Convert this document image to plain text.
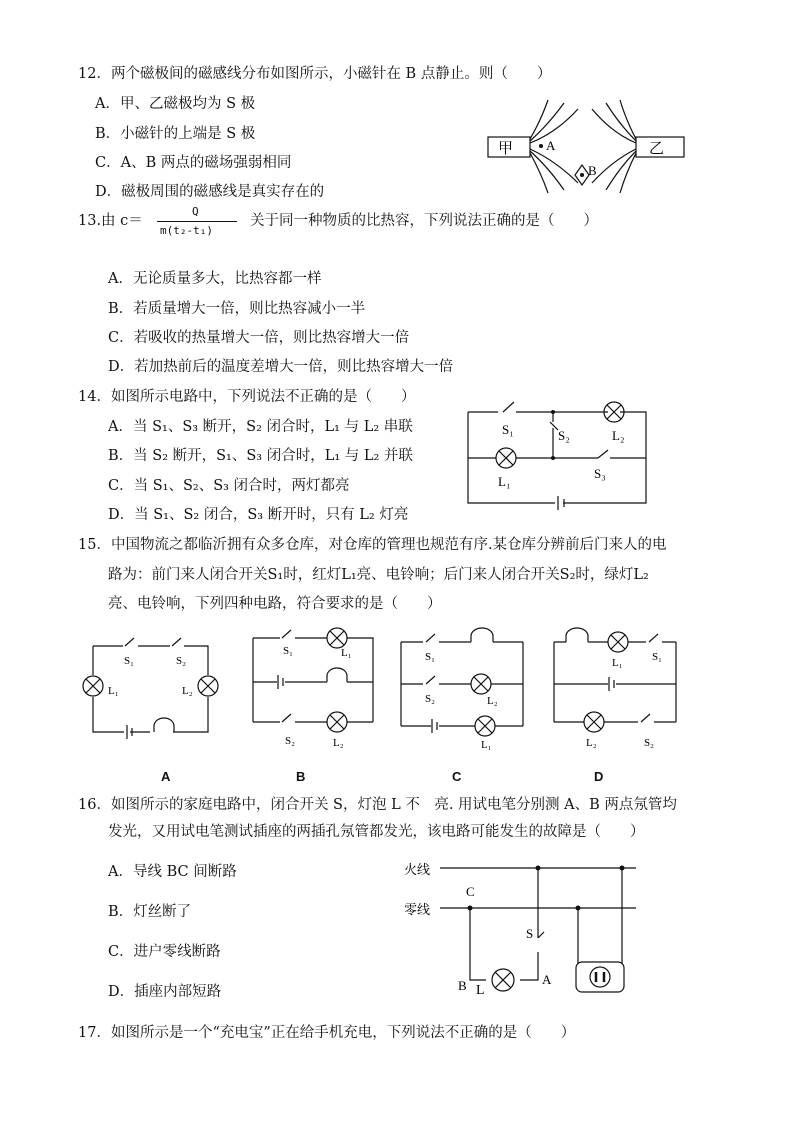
12．两个磁极间的磁感线分布如图所示，小磁针在 B 点静止。则（　　）
A．甲、乙磁极均为 S 极
B．小磁针的上端是 S 极
C．A、B 两点的磁场强弱相同
D．磁极周围的磁感线是真实存在的
甲	乙
A
B
13.由 c＝
Q
m(t₂-t₁)
关于同一种物质的比热容，下列说法正确的是（　　）
A．无论质量多大，比热容都一样
B．若质量增大一倍，则比热容减小一半
C．若吸收的热量增大一倍，则比热容增大一倍
D．若加热前后的温度差增大一倍，则比热容增大一倍
14．如图所示电路中，下列说法不正确的是（　　）
A．当 S₁、S₃ 断开，S₂ 闭合时，L₁ 与 L₂ 串联
B．当 S₂ 断开，S₁、S₃ 闭合时，L₁ 与 L₂ 并联
C．当 S₁、S₂、S₃ 闭合时，两灯都亮
D．当 S₁、S₂ 闭合，S₃ 断开时，只有 L₂ 灯亮
S₁	S₂	L₂
L₁
S₃
15．中国物流之都临沂拥有众多仓库，对仓库的管理也规范有序.某仓库分辨前后门来人的电
路为：前门来人闭合开关S₁时，红灯L₁亮、电铃响；后门来人闭合开关S₂时，绿灯L₂
亮、电铃响，下列四种电路，符合要求的是（　　）
S₁	S₂
L₁	L₂
A
S₁	L₁
S₂	L₂
B
S₁
S₂	L₂
L₁
C
L₁	S₁
L₂	S₂
D
16．如图所示的家庭电路中，闭合开关 S，灯泡 L 不　亮. 用试电笔分别测 A、B 两点氖管均
发光，又用试电笔测试插座的两插孔氖管都发光，该电路可能发生的故障是（　　）
A．导线 BC 间断路
B．灯丝断了
C．进户零线断路
D．插座内部短路
火线
零线
C
S
B L
A
17．如图所示是一个“充电宝”正在给手机充电，下列说法不正确的是（　　）
